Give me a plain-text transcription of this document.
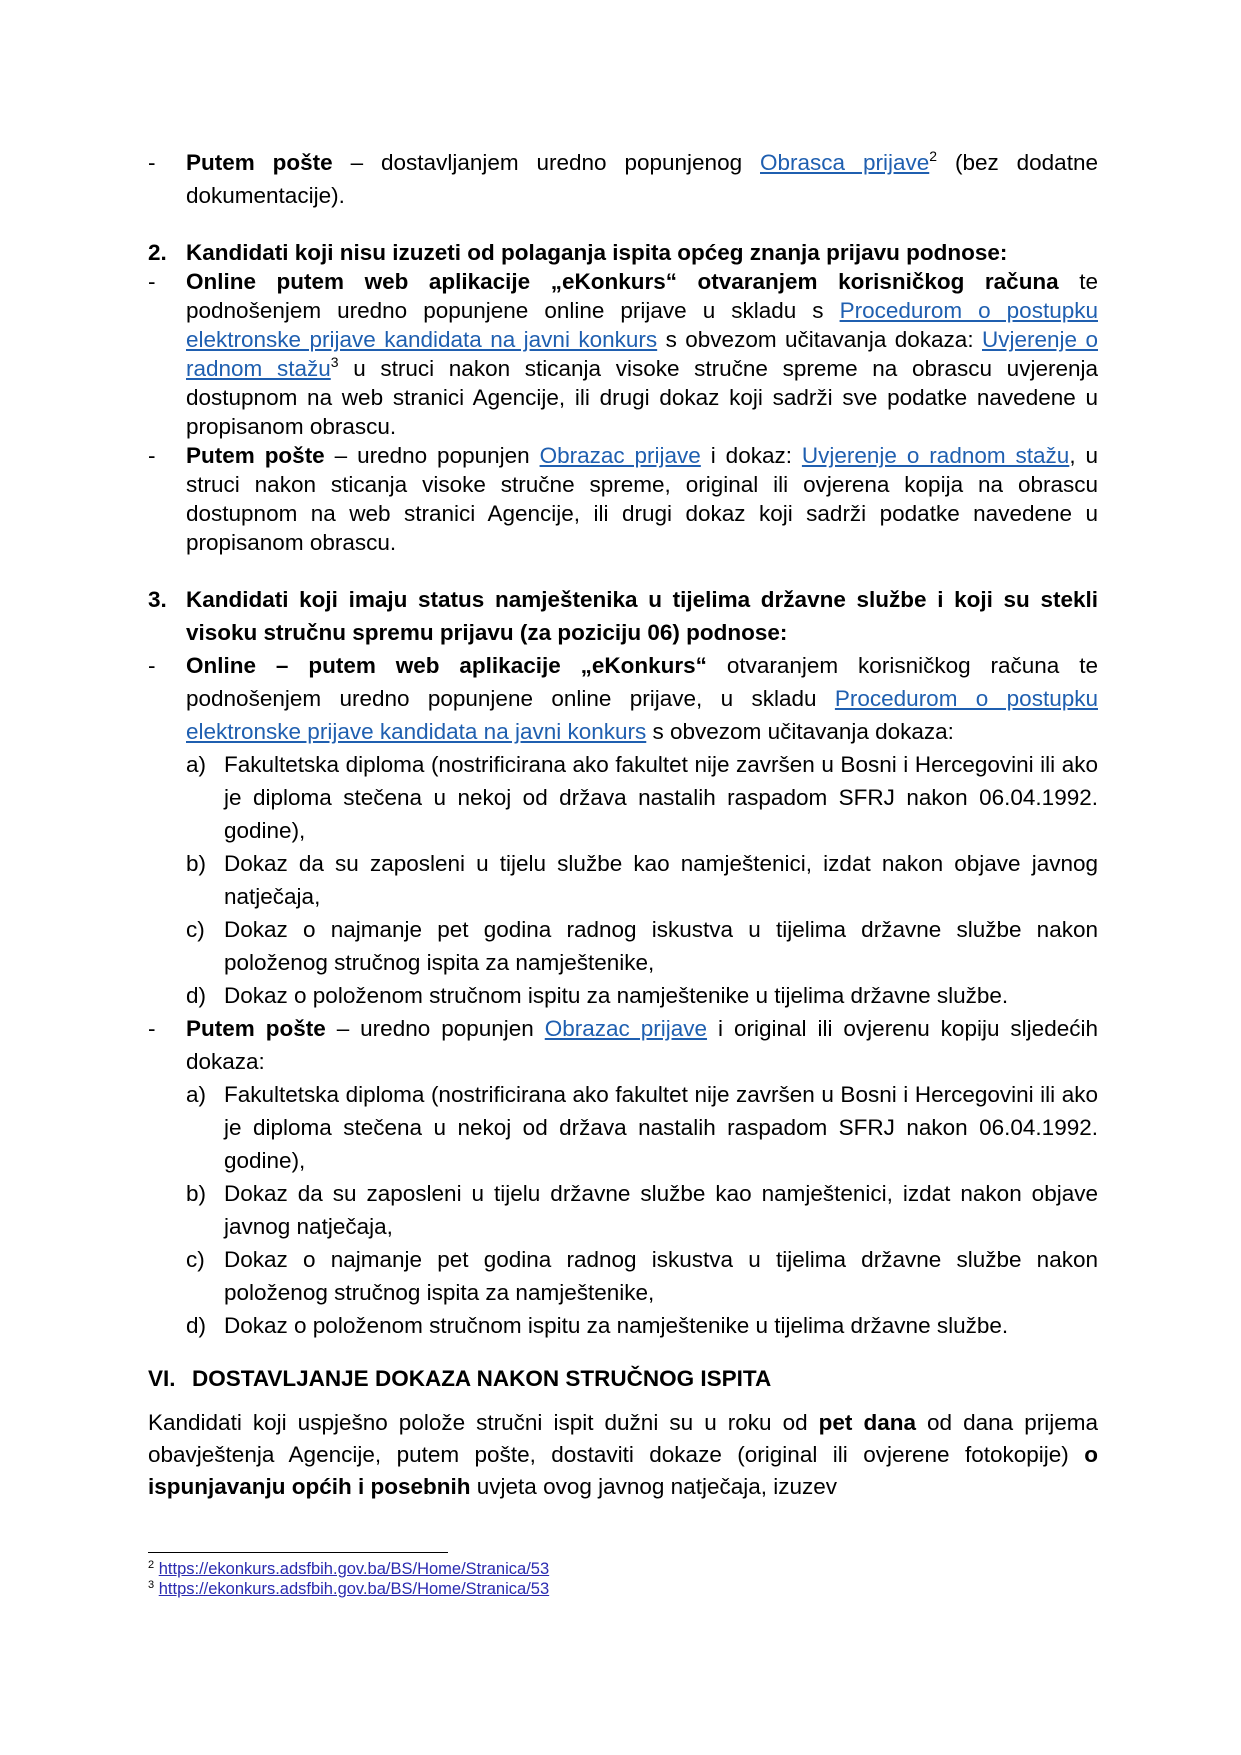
-	Putem pošte – dostavljanjem uredno popunjenog Obrasca prijave$^2$ (bez dodatne dokumentacije).
2. Kandidati koji nisu izuzeti od polaganja ispita općeg znanja prijavu podnose:
-	Online putem web aplikacije „eKonkurs“ otvaranjem korisničkog računa te podnošenjem uredno popunjene online prijave u skladu s Procedurom o postupku elektronske prijave kandidata na javni konkurs s obvezom učitavanja dokaza: Uvjerenje o radnom stažu$^3$ u struci nakon sticanja visoke stručne spreme na obrascu uvjerenja dostupnom na web stranici Agencije, ili drugi dokaz koji sadrži sve podatke navedene u propisanom obrascu.
-	Putem pošte – uredno popunjen Obrazac prijave i dokaz: Uvjerenje o radnom stažu, u struci nakon sticanja visoke stručne spreme, original ili ovjerena kopija na obrascu dostupnom na web stranici Agencije, ili drugi dokaz koji sadrži podatke navedene u propisanom obrascu.
3. Kandidati koji imaju status namještenika u tijelima državne službe i koji su stekli visoku stručnu spremu prijavu (za poziciju 06) podnose:
-	Online – putem web aplikacije „eKonkurs“ otvaranjem korisničkog računa te podnošenjem uredno popunjene online prijave, u skladu Procedurom o postupku elektronske prijave kandidata na javni konkurs s obvezom učitavanja dokaza:
a) Fakultetska diploma (nostrificirana ako fakultet nije završen u Bosni i Hercegovini ili ako je diploma stečena u nekoj od država nastalih raspadom SFRJ nakon 06.04.1992. godine),
b) Dokaz da su zaposleni u tijelu službe kao namještenici, izdat nakon objave javnog natječaja,
c) Dokaz o najmanje pet godina radnog iskustva u tijelima državne službe nakon položenog stručnog ispita za namještenike,
d) Dokaz o položenom stručnom ispitu za namještenike u tijelima državne službe.
-	Putem pošte – uredno popunjen Obrazac prijave i original ili ovjerenu kopiju sljedećih dokaza:
a) Fakultetska diploma (nostrificirana ako fakultet nije završen u Bosni i Hercegovini ili ako je diploma stečena u nekoj od država nastalih raspadom SFRJ nakon 06.04.1992. godine),
b) Dokaz da su zaposleni u tijelu državne službe kao namještenici, izdat nakon objave javnog natječaja,
c) Dokaz o najmanje pet godina radnog iskustva u tijelima državne službe nakon položenog stručnog ispita za namještenike,
d) Dokaz o položenom stručnom ispitu za namještenike u tijelima državne službe.
VI. DOSTAVLJANJE DOKAZA NAKON STRUČNOG ISPITA
Kandidati koji uspješno polože stručni ispit dužni su u roku od pet dana od dana prijema obavještenja Agencije, putem pošte, dostaviti dokaze (original ili ovjerene fotokopije) o ispunjavanju općih i posebnih uvjeta ovog javnog natječaja, izuzev
$^2$ https://ekonkurs.adsfbih.gov.ba/BS/Home/Stranica/53
$^3$ https://ekonkurs.adsfbih.gov.ba/BS/Home/Stranica/53
